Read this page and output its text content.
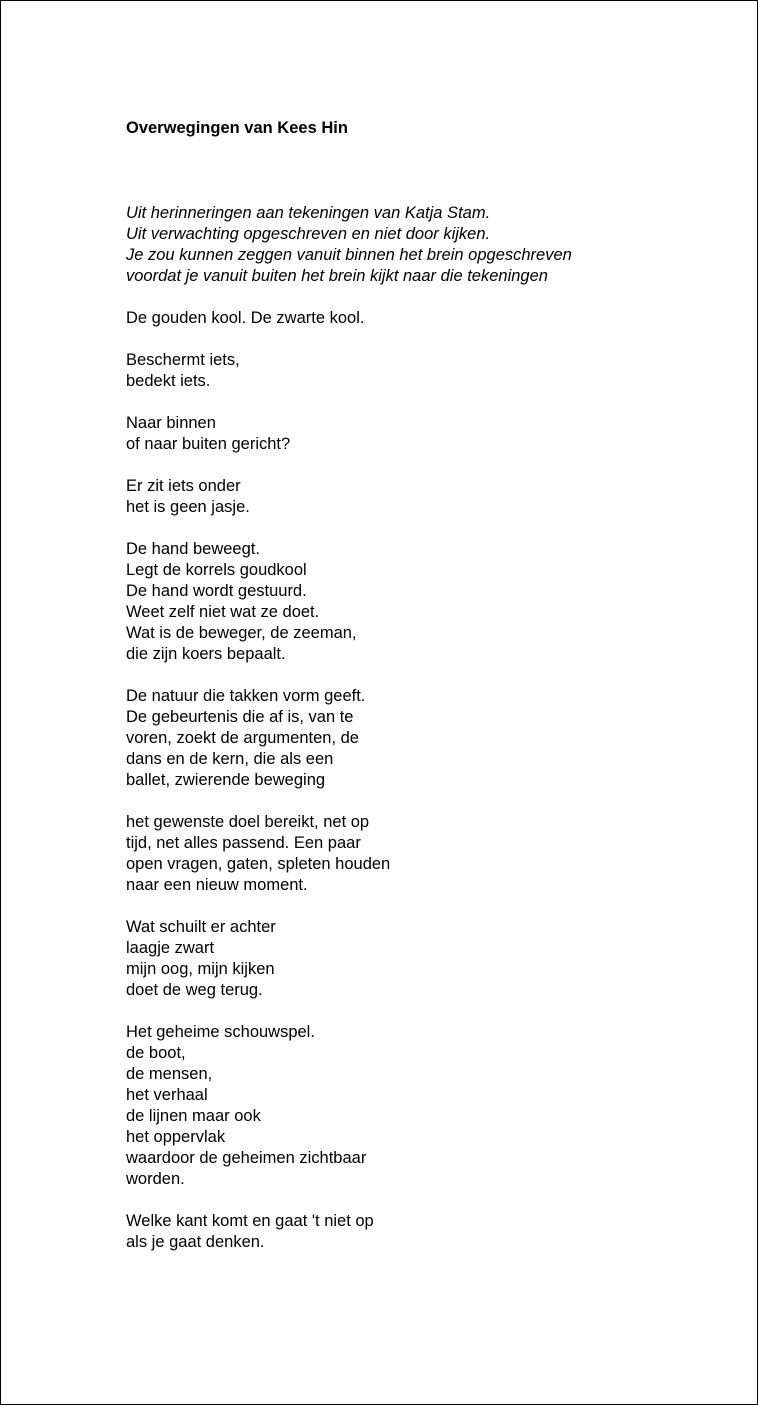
Overwegingen van Kees Hin

Uit herinneringen aan tekeningen van Katja Stam.
Uit verwachting opgeschreven en niet door kijken.
Je zou kunnen zeggen vanuit binnen het brein opgeschreven
voordat je vanuit buiten het brein kijkt naar die tekeningen
De gouden kool. De zwarte kool.
Beschermt iets,
bedekt iets.
Naar binnen
of naar buiten gericht?
Er zit iets onder
het is geen jasje.
De hand beweegt.
Legt de korrels goudkool
De hand wordt gestuurd.
Weet zelf niet wat ze doet.
Wat is de beweger, de zeeman,
die zijn koers bepaalt.
De natuur die takken vorm geeft.
De gebeurtenis die af is, van te
voren, zoekt de argumenten, de
dans en de kern, die als een
ballet, zwierende beweging
het gewenste doel bereikt, net op
tijd, net alles passend. Een paar
open vragen, gaten, spleten houden
naar een nieuw moment.
Wat schuilt er achter
laagje zwart
mijn oog, mijn kijken
doet de weg terug.
Het geheime schouwspel.
de boot,
de mensen,
het verhaal
de lijnen maar ook
het oppervlak
waardoor de geheimen zichtbaar
worden.
Welke kant komt en gaat 't niet op
als je gaat denken.
